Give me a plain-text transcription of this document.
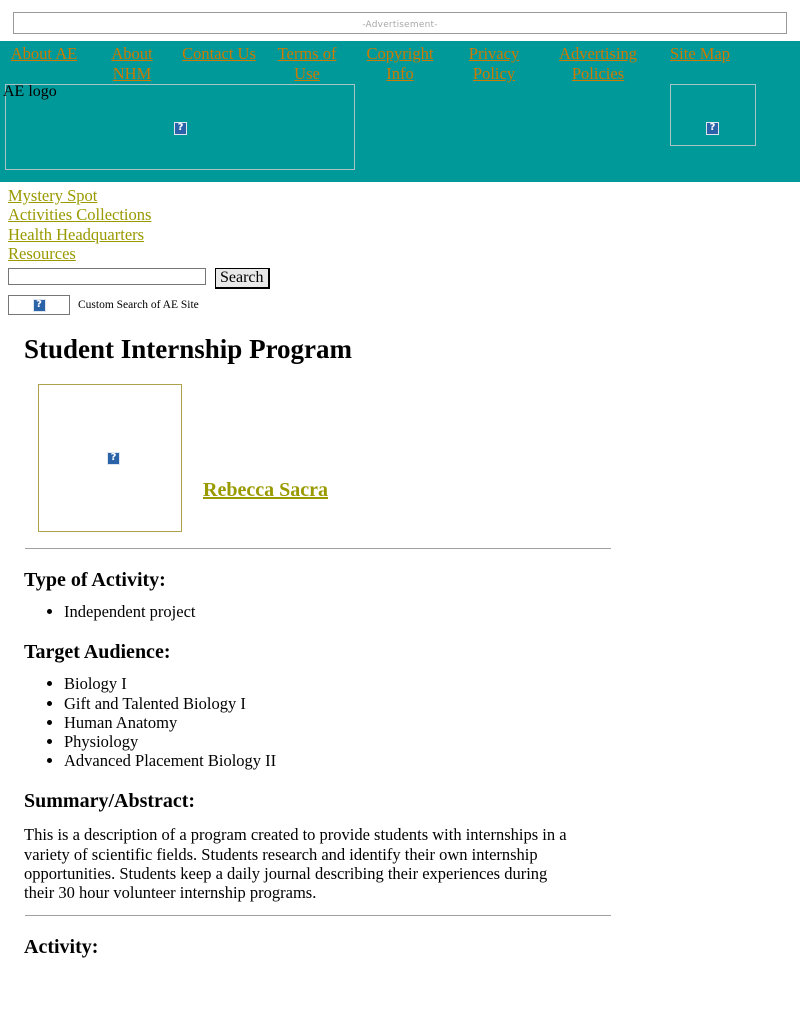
-Advertisement-
About AE	About NHM
Contact Us	Terms of Use
Copyright Info
Privacy Policy
Advertising Policies
Site Map
AE logo
?
?
Mystery Spot
Activities Collections
Health Headquarters
Resources
Search
?
Custom Search of AE Site
Student Internship Program
?
Rebecca Sacra
Type of Activity:
• Independent project
Target Audience:
• Biology I
• Gift and Talented Biology I
• Human Anatomy
• Physiology
• Advanced Placement Biology II
Summary/Abstract:

This is a description of a program created to provide students with internships in a variety of scientific fields. Students research and identify their own internship opportunities. Students keep a daily journal describing their experiences during their 30 hour volunteer internship programs.

Activity:
